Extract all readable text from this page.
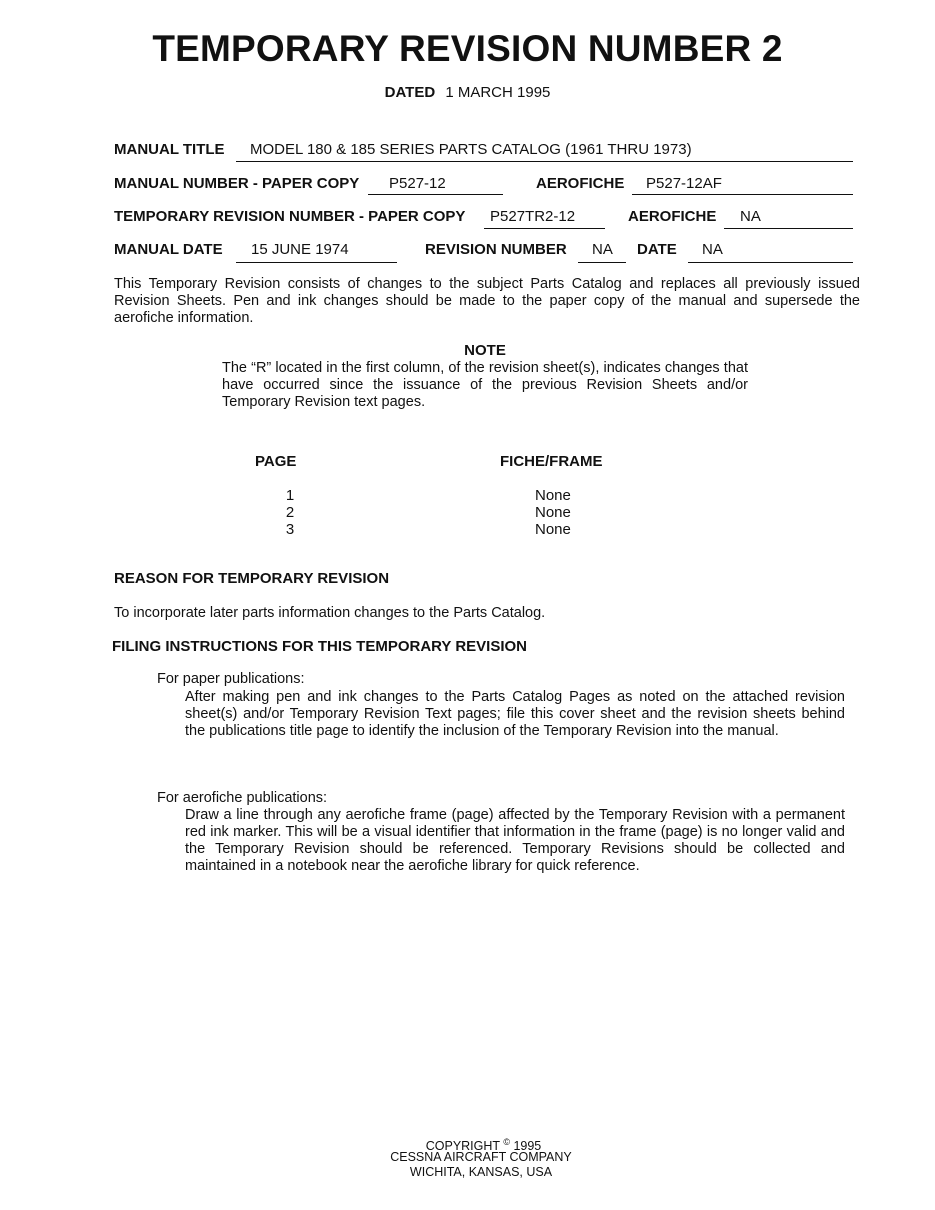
TEMPORARY REVISION NUMBER 2
DATED 1 MARCH 1995
MANUAL TITLE MODEL 180 & 185 SERIES PARTS CATALOG (1961 THRU 1973)
MANUAL NUMBER - PAPER COPY P527-12	AEROFICHE P527-12AF
TEMPORARY REVISION NUMBER - PAPER COPY P527TR2-12	AEROFICHE NA
MANUAL DATE 15 JUNE 1974	REVISION NUMBER NA DATE NA
This Temporary Revision consists of changes to the subject Parts Catalog and replaces all previously issued Revision Sheets. Pen and ink changes should be made to the paper copy of the manual and supersede the aerofiche information.
NOTE
The “R” located in the first column, of the revision sheet(s), indicates changes that have occurred since the issuance of the previous Revision Sheets and/or Temporary Revision text pages.
PAGE	FICHE/FRAME
1	None
2	None
3	None
REASON FOR TEMPORARY REVISION
To incorporate later parts information changes to the Parts Catalog.
FILING INSTRUCTIONS FOR THIS TEMPORARY REVISION
For paper publications:
After making pen and ink changes to the Parts Catalog Pages as noted on the attached revision sheet(s) and/or Temporary Revision Text pages; file this cover sheet and the revision sheets behind the publications title page to identify the inclusion of the Temporary Revision into the manual.
For aerofiche publications:
Draw a line through any aerofiche frame (page) affected by the Temporary Revision with a permanent red ink marker. This will be a visual identifier that information in the frame (page) is no longer valid and the Temporary Revision should be referenced. Temporary Revisions should be collected and maintained in a notebook near the aerofiche library for quick reference.
COPYRIGHT © 1995
CESSNA AIRCRAFT COMPANY
WICHITA, KANSAS, USA
